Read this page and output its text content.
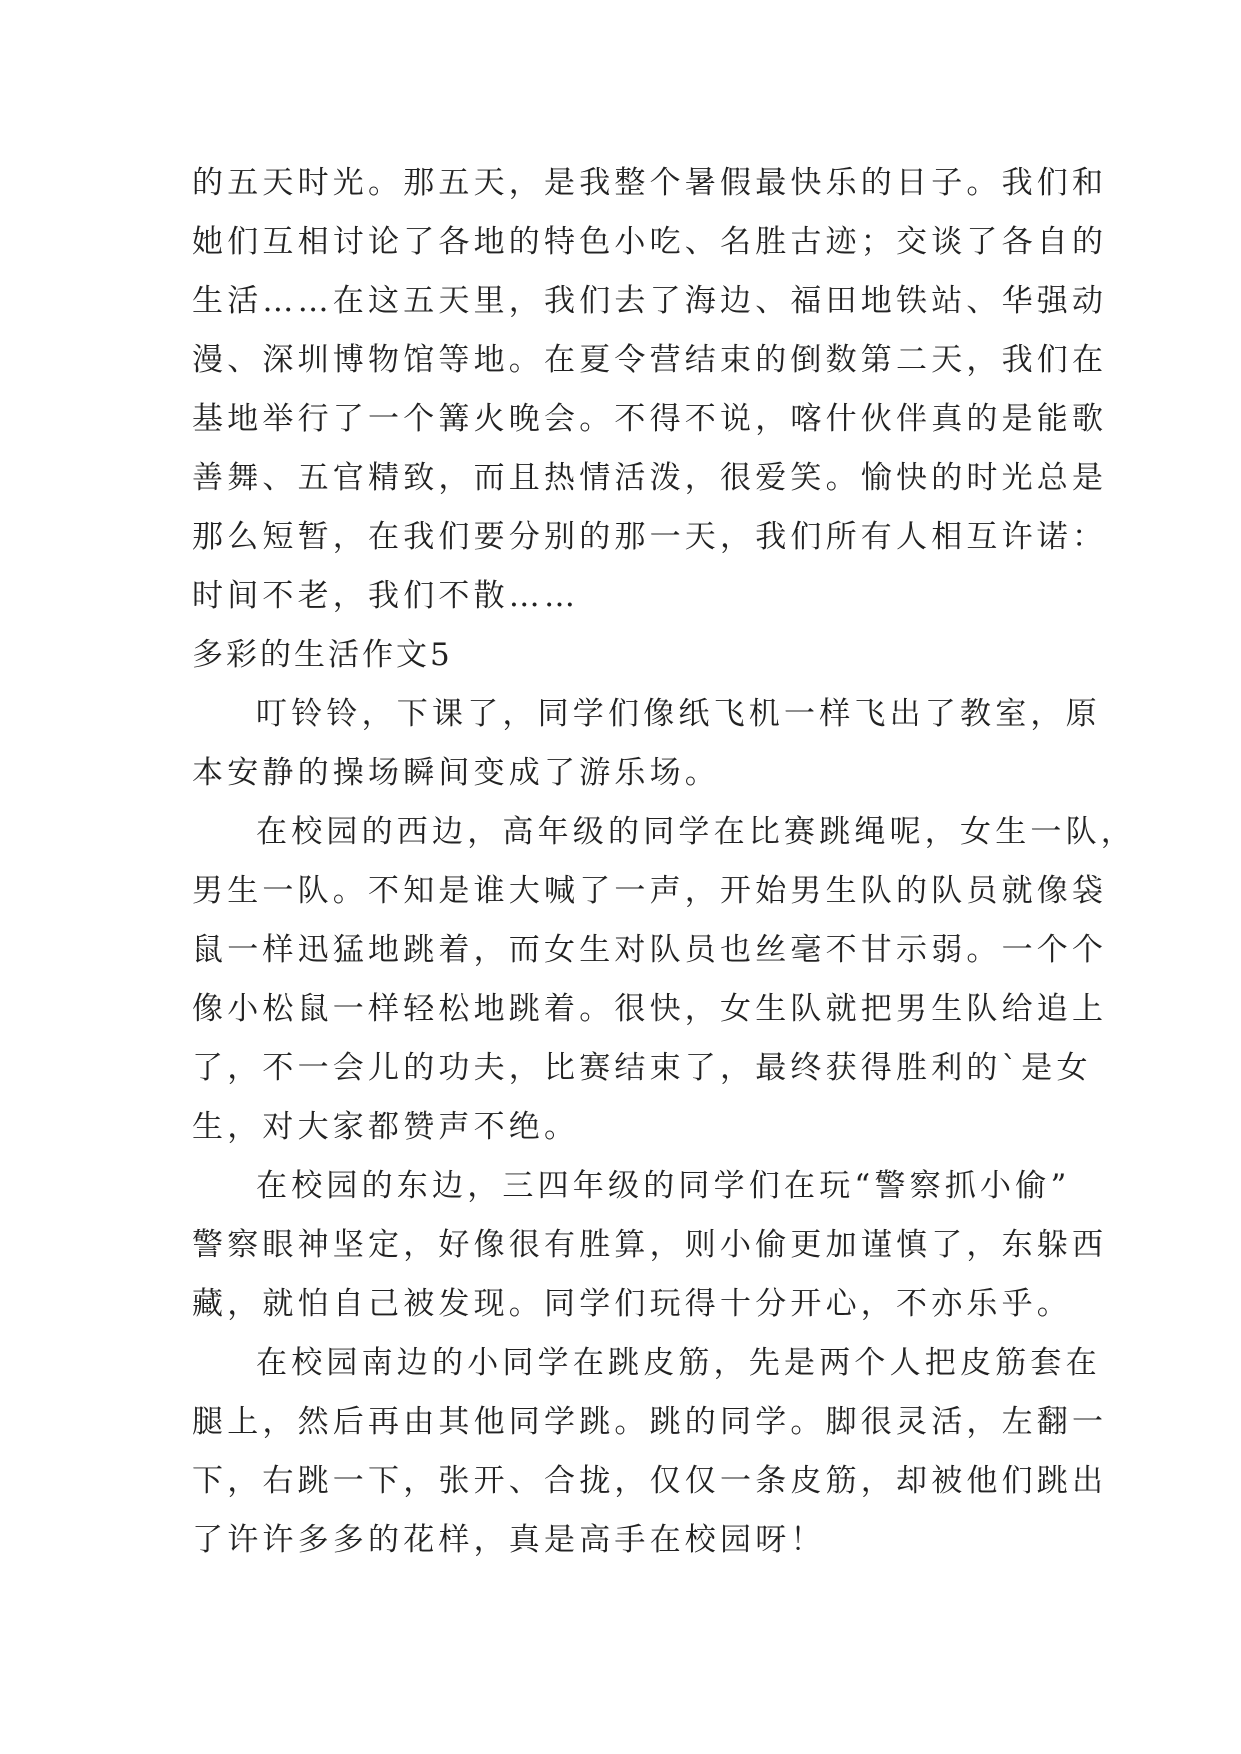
的五天时光。那五天，是我整个暑假最快乐的日子。我们和
她们互相讨论了各地的特色小吃、名胜古迹；交谈了各自的
生活……在这五天里，我们去了海边、福田地铁站、华强动
漫、深圳博物馆等地。在夏令营结束的倒数第二天，我们在
基地举行了一个篝火晚会。不得不说，喀什伙伴真的是能歌
善舞、五官精致，而且热情活泼，很爱笑。愉快的时光总是
那么短暂，在我们要分别的那一天，我们所有人相互许诺：
时间不老，我们不散……
多彩的生活作文5
叮铃铃，下课了，同学们像纸飞机一样飞出了教室，原
本安静的操场瞬间变成了游乐场。
在校园的西边，高年级的同学在比赛跳绳呢，女生一队，
男生一队。不知是谁大喊了一声，开始男生队的队员就像袋
鼠一样迅猛地跳着，而女生对队员也丝毫不甘示弱。一个个
像小松鼠一样轻松地跳着。很快，女生队就把男生队给追上
了，不一会儿的功夫，比赛结束了，最终获得胜利的`是女
生，对大家都赞声不绝。
在校园的东边，三四年级的同学们在玩“警察抓小偷”
警察眼神坚定，好像很有胜算，则小偷更加谨慎了，东躲西
藏，就怕自己被发现。同学们玩得十分开心，不亦乐乎。
在校园南边的小同学在跳皮筋，先是两个人把皮筋套在
腿上，然后再由其他同学跳。跳的同学。脚很灵活，左翻一
下，右跳一下，张开、合拢，仅仅一条皮筋，却被他们跳出
了许许多多的花样，真是高手在校园呀！
